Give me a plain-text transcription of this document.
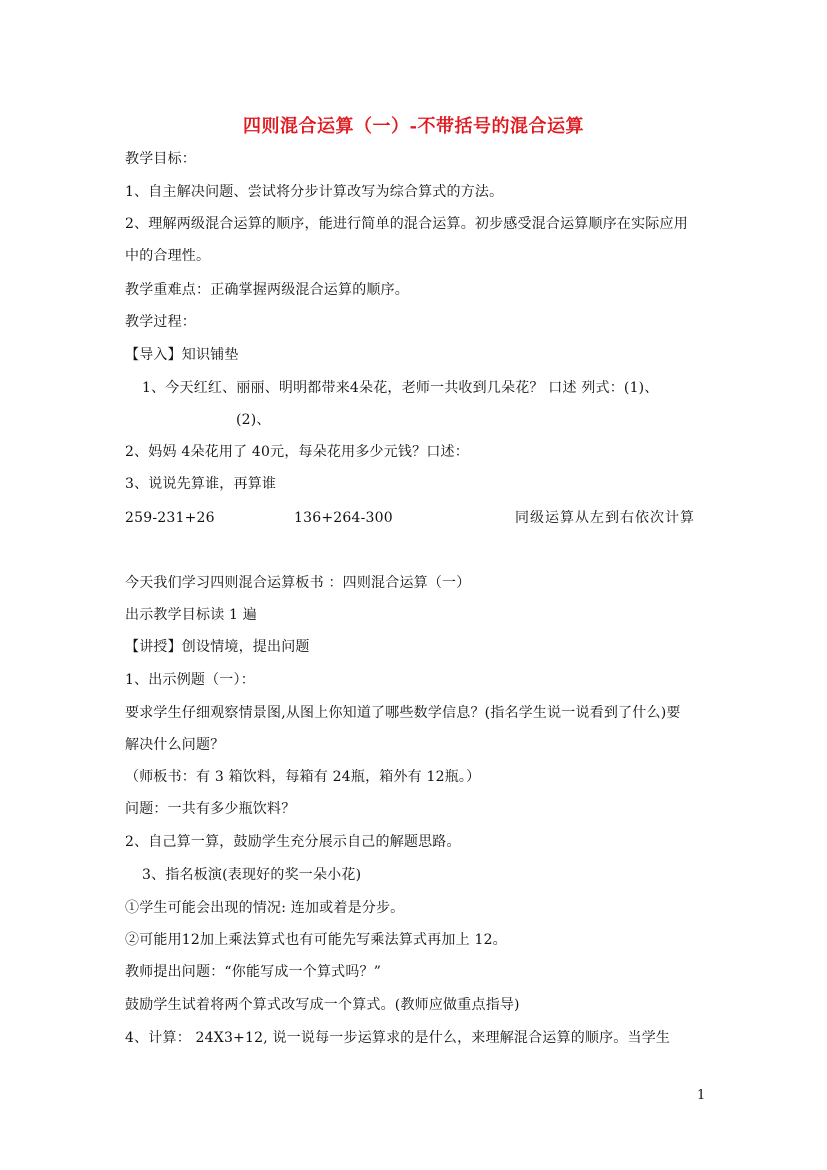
四则混合运算（一）-不带括号的混合运算
教学目标：
1、自主解决问题、尝试将分步计算改写为综合算式的方法。
2、理解两级混合运算的顺序，能进行简单的混合运算。初步感受混合运算顺序在实际应用
中的合理性。
教学重难点：正确掌握两级混合运算的顺序。
教学过程：
【导入】知识铺垫
1、今天红红、丽丽、明明都带来4朵花，老师一共收到几朵花？ 口述 列式：(1)、
(2)、
2、妈妈 4朵花用了 40元，每朵花用多少元钱？口述：
3、说说先算谁，再算谁
259-231+26	136+264-300	同级运算从左到右依次计算
今天我们学习四则混合运算板书 ：四则混合运算（一）
出示教学目标读 1 遍
【讲授】创设情境，提出问题
1、出示例题（一）：
要求学生仔细观察情景图,从图上你知道了哪些数学信息？(指名学生说一说看到了什么)要
解决什么问题？
（师板书：有 3 箱饮料，每箱有 24瓶，箱外有 12瓶。）
问题：一共有多少瓶饮料？
2、自己算一算，鼓励学生充分展示自己的解题思路。
3、指名板演(表现好的奖一朵小花)
①学生可能会出现的情况: 连加或着是分步。
②可能用12加上乘法算式也有可能先写乘法算式再加上 12。
教师提出问题：“你能写成一个算式吗？”
鼓励学生试着将两个算式改写成一个算式。(教师应做重点指导)
4、计算： 24X3+12, 说一说每一步运算求的是什么，来理解混合运算的顺序。当学生
1
